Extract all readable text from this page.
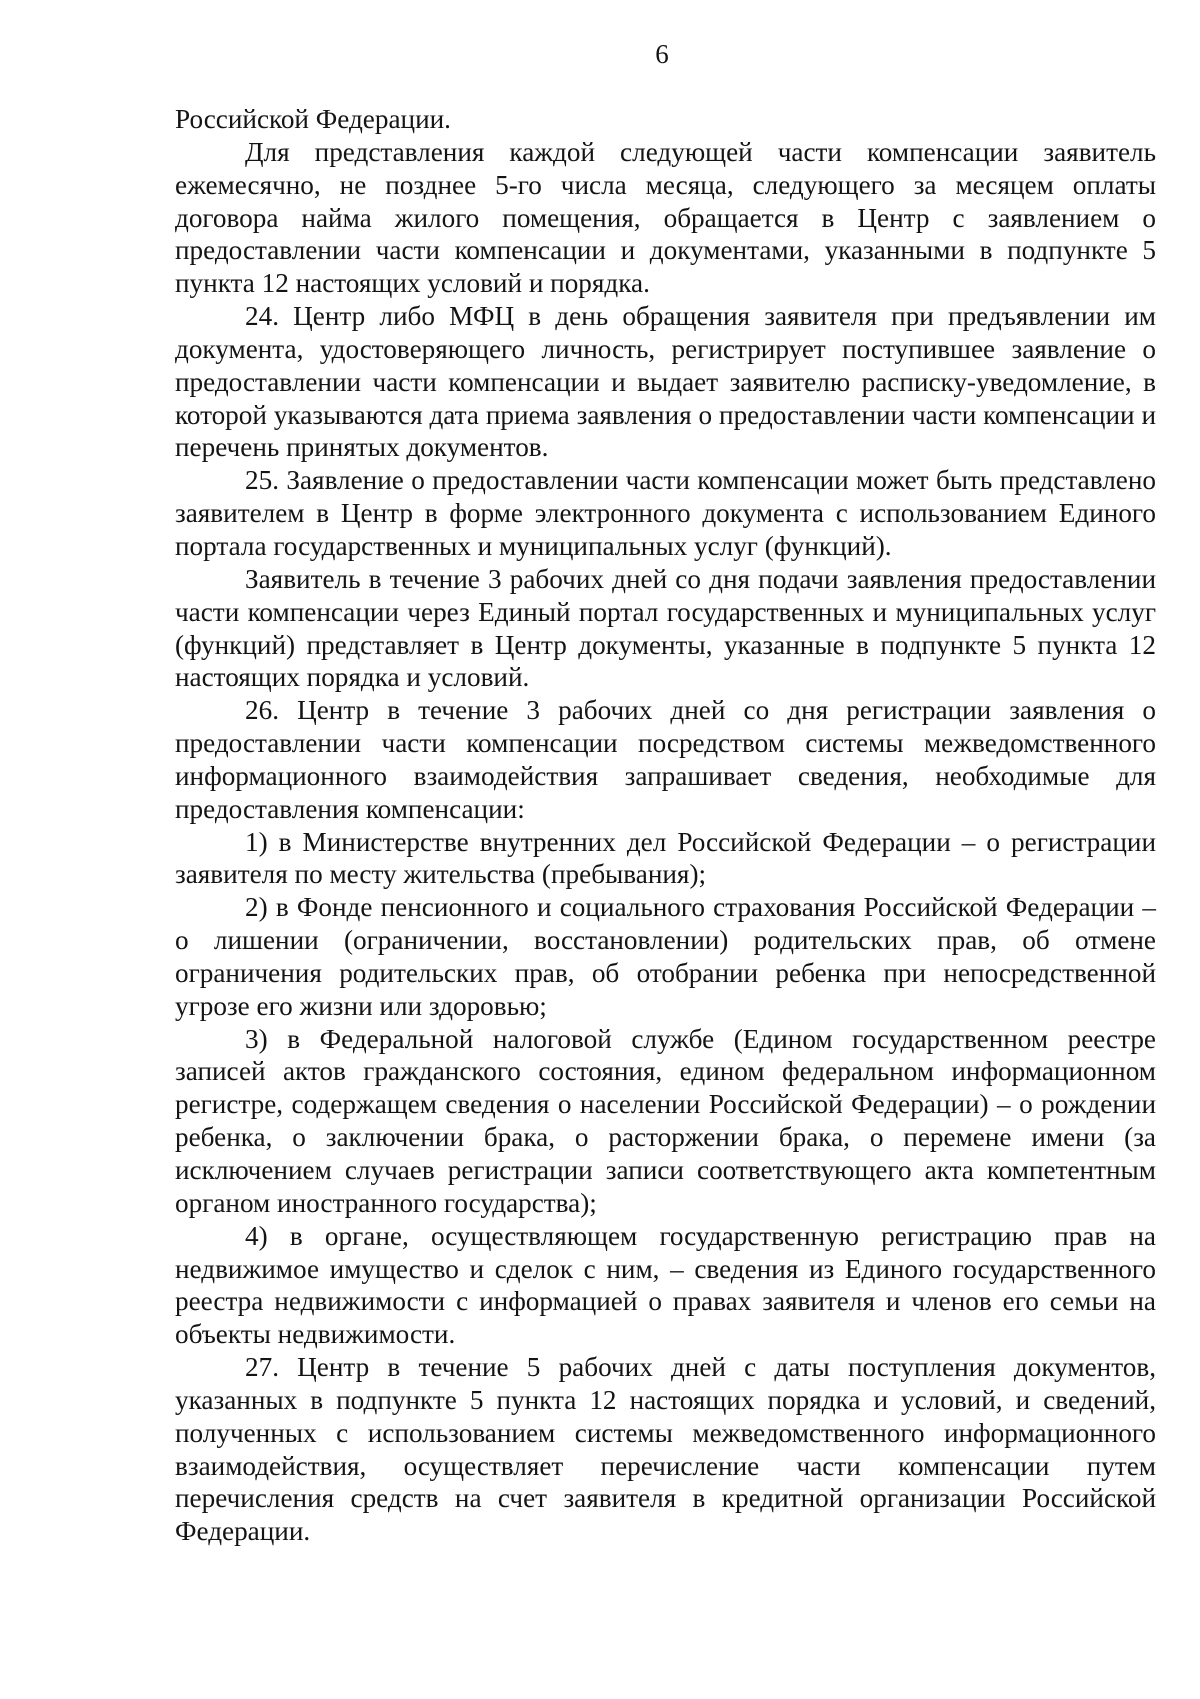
6

Российской Федерации.

Для представления каждой следующей части компенсации заявитель ежемесячно, не позднее 5-го числа месяца, следующего за месяцем оплаты договора найма жилого помещения, обращается в Центр с заявлением о предоставлении части компенсации и документами, указанными в подпункте 5 пункта 12 настоящих условий и порядка.

24. Центр либо МФЦ в день обращения заявителя при предъявлении им документа, удостоверяющего личность, регистрирует поступившее заявление о предоставлении части компенсации и выдает заявителю расписку-уведомление, в которой указываются дата приема заявления о предоставлении части компенсации и перечень принятых документов.

25. Заявление о предоставлении части компенсации может быть представлено заявителем в Центр в форме электронного документа с использованием Единого портала государственных и муниципальных услуг (функций).

Заявитель в течение 3 рабочих дней со дня подачи заявления предоставлении части компенсации через Единый портал государственных и муниципальных услуг (функций) представляет в Центр документы, указанные в подпункте 5 пункта 12 настоящих порядка и условий.

26. Центр в течение 3 рабочих дней со дня регистрации заявления о предоставлении части компенсации посредством системы межведомственного информационного взаимодействия запрашивает сведения, необходимые для предоставления компенсации:

1) в Министерстве внутренних дел Российской Федерации – о регистрации заявителя по месту жительства (пребывания);

2) в Фонде пенсионного и социального страхования Российской Федерации – о лишении (ограничении, восстановлении) родительских прав, об отмене ограничения родительских прав, об отобрании ребенка при непосредственной угрозе его жизни или здоровью;

3) в Федеральной налоговой службе (Едином государственном реестре записей актов гражданского состояния, едином федеральном информационном регистре, содержащем сведения о населении Российской Федерации) – о рождении ребенка, о заключении брака, о расторжении брака, о перемене имени (за исключением случаев регистрации записи соответствующего акта компетентным органом иностранного государства);

4) в органе, осуществляющем государственную регистрацию прав на недвижимое имущество и сделок с ним, – сведения из Единого государственного реестра недвижимости с информацией о правах заявителя и членов его семьи на объекты недвижимости.

27. Центр в течение 5 рабочих дней с даты поступления документов, указанных в подпункте 5 пункта 12 настоящих порядка и условий, и сведений, полученных с использованием системы межведомственного информационного взаимодействия, осуществляет перечисление части компенсации путем перечисления средств на счет заявителя в кредитной организации Российской Федерации.
